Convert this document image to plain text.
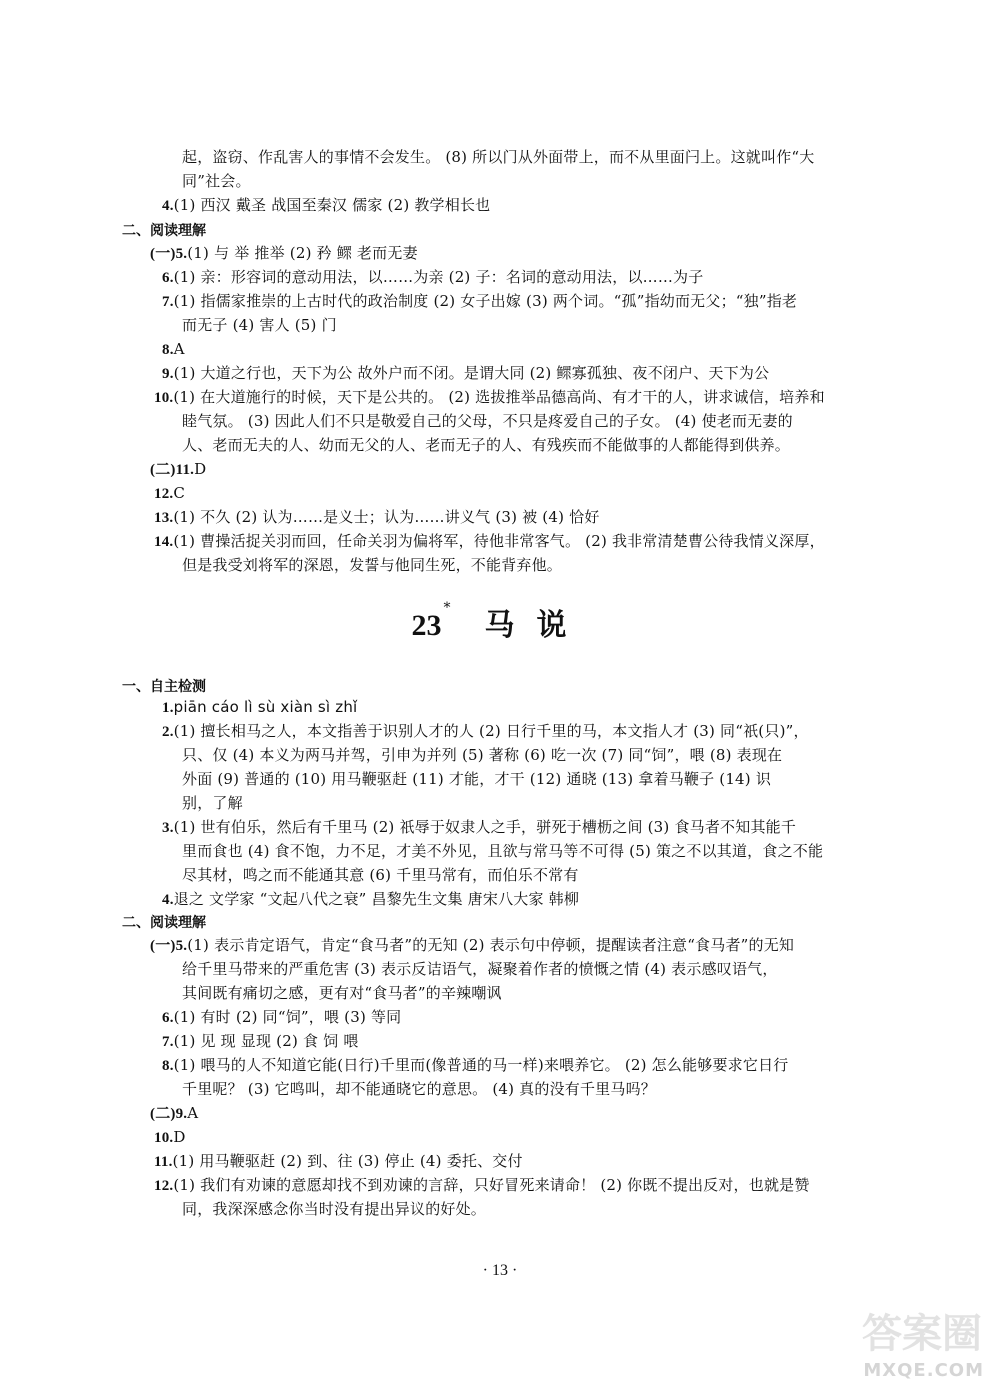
起，盗窃、作乱害人的事情不会发生。 (8) 所以门从外面带上，而不从里面闩上。这就叫作“大
同”社会。
4.(1) 西汉 戴圣 战国至秦汉 儒家 (2) 教学相长也
二、阅读理解
(一)5.(1) 与 举 推举 (2) 矜 鳏 老而无妻
6.(1) 亲：形容词的意动用法，以……为亲 (2) 子：名词的意动用法，以……为子
7.(1) 指儒家推崇的上古时代的政治制度 (2) 女子出嫁 (3) 两个词。“孤”指幼而无父；“独”指老
而无子 (4) 害人 (5) 门
8.A
9.(1) 大道之行也，天下为公 故外户而不闭。是谓大同 (2) 鳏寡孤独、夜不闭户、天下为公
10.(1) 在大道施行的时候，天下是公共的。 (2) 选拔推举品德高尚、有才干的人，讲求诚信，培养和
睦气氛。 (3) 因此人们不只是敬爱自己的父母，不只是疼爱自己的子女。 (4) 使老而无妻的
人、老而无夫的人、幼而无父的人、老而无子的人、有残疾而不能做事的人都能得到供养。
(二)11.D
12.C
13.(1) 不久 (2) 认为……是义士；认为……讲义气 (3) 被 (4) 恰好
14.(1) 曹操活捉关羽而回，任命关羽为偏将军，待他非常客气。 (2) 我非常清楚曹公待我情义深厚，
但是我受刘将军的深恩，发誓与他同生死，不能背弃他。
23* 马说
一、自主检测
1.piān cáo lì sù xiàn sì zhǐ
2.(1) 擅长相马之人，本文指善于识别人才的人 (2) 日行千里的马，本文指人才 (3) 同“祇(只)”，
只、仅 (4) 本义为两马并驾，引申为并列 (5) 著称 (6) 吃一次 (7) 同“饲”，喂 (8) 表现在
外面 (9) 普通的 (10) 用马鞭驱赶 (11) 才能，才干 (12) 通晓 (13) 拿着马鞭子 (14) 识
别，了解
3.(1) 世有伯乐，然后有千里马 (2) 祇辱于奴隶人之手，骈死于槽枥之间 (3) 食马者不知其能千
里而食也 (4) 食不饱，力不足，才美不外见，且欲与常马等不可得 (5) 策之不以其道，食之不能
尽其材，鸣之而不能通其意 (6) 千里马常有，而伯乐不常有
4.退之 文学家 “文起八代之衰” 昌黎先生文集 唐宋八大家 韩柳
二、阅读理解
(一)5.(1) 表示肯定语气，肯定“食马者”的无知 (2) 表示句中停顿，提醒读者注意“食马者”的无知
给千里马带来的严重危害 (3) 表示反诘语气，凝聚着作者的愤慨之情 (4) 表示感叹语气，
其间既有痛切之感，更有对“食马者”的辛辣嘲讽
6.(1) 有时 (2) 同“饲”，喂 (3) 等同
7.(1) 见 现 显现 (2) 食 饲 喂
8.(1) 喂马的人不知道它能(日行)千里而(像普通的马一样)来喂养它。 (2) 怎么能够要求它日行
千里呢？ (3) 它鸣叫，却不能通晓它的意思。 (4) 真的没有千里马吗？
(二)9.A
10.D
11.(1) 用马鞭驱赶 (2) 到、往 (3) 停止 (4) 委托、交付
12.(1) 我们有劝谏的意愿却找不到劝谏的言辞，只好冒死来请命！ (2) 你既不提出反对，也就是赞
同，我深深感念你当时没有提出异议的好处。
· 13 ·
答案圈
MXQE.COM
